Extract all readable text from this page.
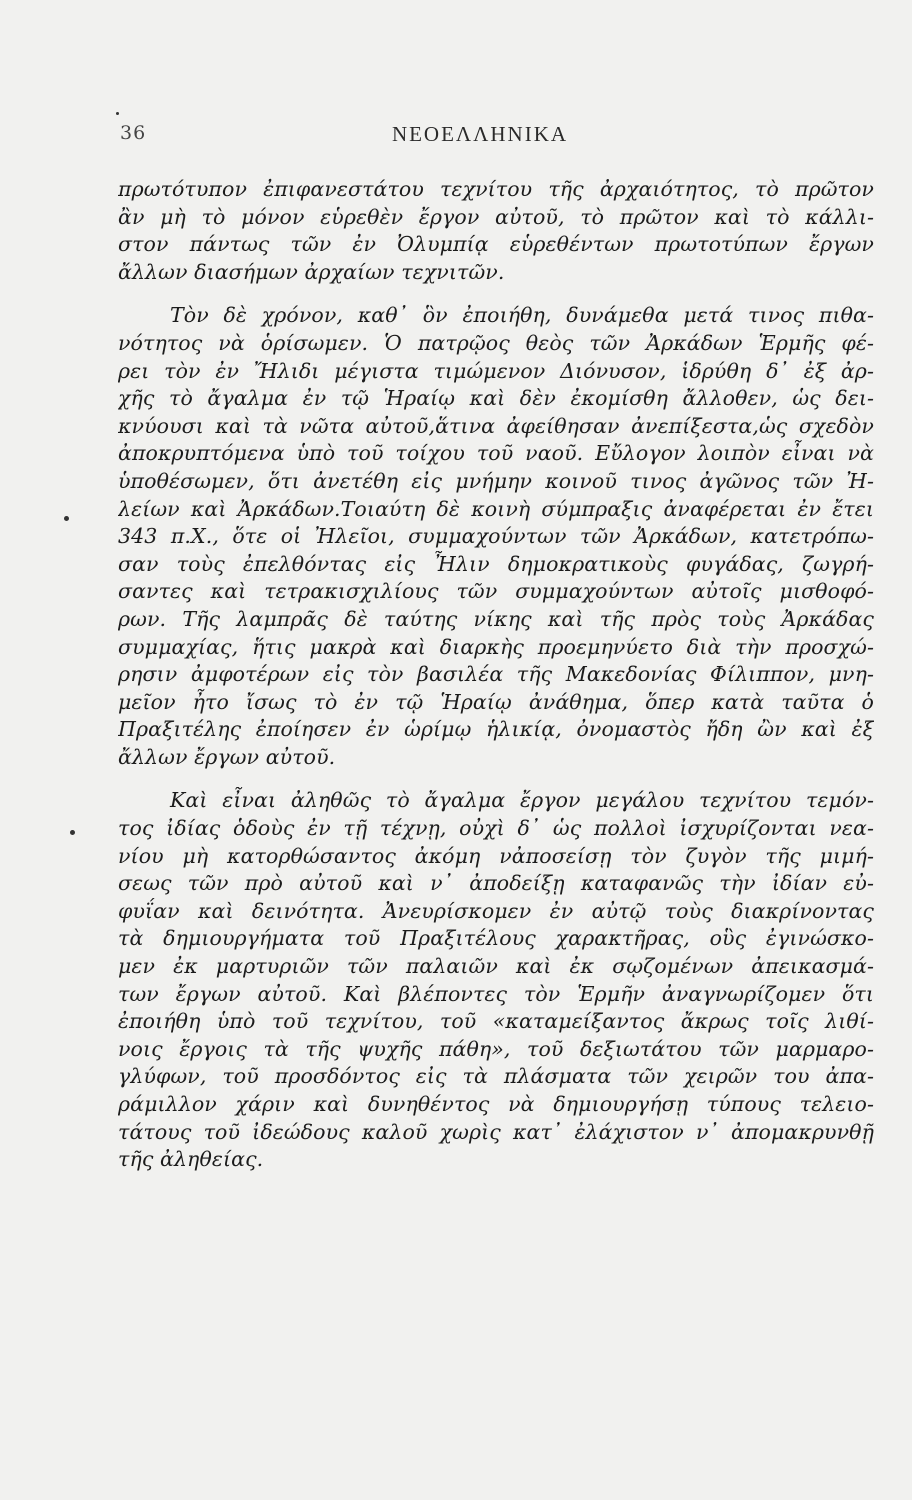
36	ΝΕΟΕΛΛΗΝΙΚΑ
πρωτότυπον ἐπιφανεστάτου τεχνίτου τῆς ἀρχαιότητος, τὸ πρῶτον
ἂν μὴ τὸ μόνον εὑρεθὲν ἔργον αὐτοῦ, τὸ πρῶτον καὶ τὸ κάλλι-
στον πάντως τῶν ἐν Ὀλυμπίᾳ εὑρεθέντων πρωτοτύπων ἔργων
ἄλλων διασήμων ἀρχαίων τεχνιτῶν.
Τὸν δὲ χρόνον, καθ᾿ ὃν ἐποιήθη, δυνάμεθα μετά τινος πιθα-
νότητος νὰ ὁρίσωμεν. Ὁ πατρῷος θεὸς τῶν Ἀρκάδων Ἑρμῆς φέ-
ρει τὸν ἐν Ἤλιδι μέγιστα τιμώμενον Διόνυσον, ἱδρύθη δ᾿ ἐξ ἀρ-
χῆς τὸ ἄγαλμα ἐν τῷ Ἡραίῳ καὶ δὲν ἐκομίσθη ἄλλοθεν, ὡς δει-
κνύουσι καὶ τὰ νῶτα αὐτοῦ,ἅτινα ἀφείθησαν ἀνεπίξεστα,ὡς σχεδὸν
ἀποκρυπτόμενα ὑπὸ τοῦ τοίχου τοῦ ναοῦ. Εὔλογον λοιπὸν εἶναι νὰ
ὑποθέσωμεν, ὅτι ἀνετέθη εἰς μνήμην κοινοῦ τινος ἀγῶνος τῶν Ἠ-
λείων καὶ Ἀρκάδων.Τοιαύτη δὲ κοινὴ σύμπραξις ἀναφέρεται ἐν ἔτει
343 π.Χ., ὅτε οἱ Ἠλεῖοι, συμμαχούντων τῶν Ἀρκάδων, κατετρόπω-
σαν τοὺς ἐπελθόντας εἰς Ἦλιν δημοκρατικοὺς φυγάδας, ζωγρή-
σαντες καὶ τετρακισχιλίους τῶν συμμαχούντων αὐτοῖς μισθοφό-
ρων. Τῆς λαμπρᾶς δὲ ταύτης νίκης καὶ τῆς πρὸς τοὺς Ἀρκάδας
συμμαχίας, ἥτις μακρὰ καὶ διαρκὴς προεμηνύετο διὰ τὴν προσχώ-
ρησιν ἀμφοτέρων εἰς τὸν βασιλέα τῆς Μακεδονίας Φίλιππον, μνη-
μεῖον ἦτο ἴσως τὸ ἐν τῷ Ἡραίῳ ἀνάθημα, ὅπερ κατὰ ταῦτα ὁ
Πραξιτέλης ἐποίησεν ἐν ὡρίμῳ ἡλικίᾳ, ὀνομαστὸς ἤδη ὢν καὶ ἐξ
ἄλλων ἔργων αὐτοῦ.
Καὶ εἶναι ἀληθῶς τὸ ἄγαλμα ἔργον μεγάλου τεχνίτου τεμόν-
τος ἰδίας ὁδοὺς ἐν τῇ τέχνῃ, οὐχὶ δ᾿ ὡς πολλοὶ ἰσχυρίζονται νεα-
νίου μὴ κατορθώσαντος ἀκόμη νἀποσείσῃ τὸν ζυγὸν τῆς μιμή-
σεως τῶν πρὸ αὐτοῦ καὶ ν᾿ ἀποδείξῃ καταφανῶς τὴν ἰδίαν εὐ-
φυΐαν καὶ δεινότητα. Ἀνευρίσκομεν ἐν αὐτῷ τοὺς διακρίνοντας
τὰ δημιουργήματα τοῦ Πραξιτέλους χαρακτῆρας, οὓς ἐγινώσκο-
μεν ἐκ μαρτυριῶν τῶν παλαιῶν καὶ ἐκ σῳζομένων ἀπεικασμά-
των ἔργων αὐτοῦ. Καὶ βλέποντες τὸν Ἑρμῆν ἀναγνωρίζομεν ὅτι
ἐποιήθη ὑπὸ τοῦ τεχνίτου, τοῦ «καταμείξαντος ἄκρως τοῖς λιθί-
νοις ἔργοις τὰ τῆς ψυχῆς πάθη», τοῦ δεξιωτάτου τῶν μαρμαρο-
γλύφων, τοῦ προσδόντος εἰς τὰ πλάσματα τῶν χειρῶν του ἀπα-
ράμιλλον χάριν καὶ δυνηθέντος νὰ δημιουργήσῃ τύπους τελειο-
τάτους τοῦ ἰδεώδους καλοῦ χωρὶς κατ᾿ ἐλάχιστον ν᾿ ἀπομακρυνθῇ
τῆς ἀληθείας.
